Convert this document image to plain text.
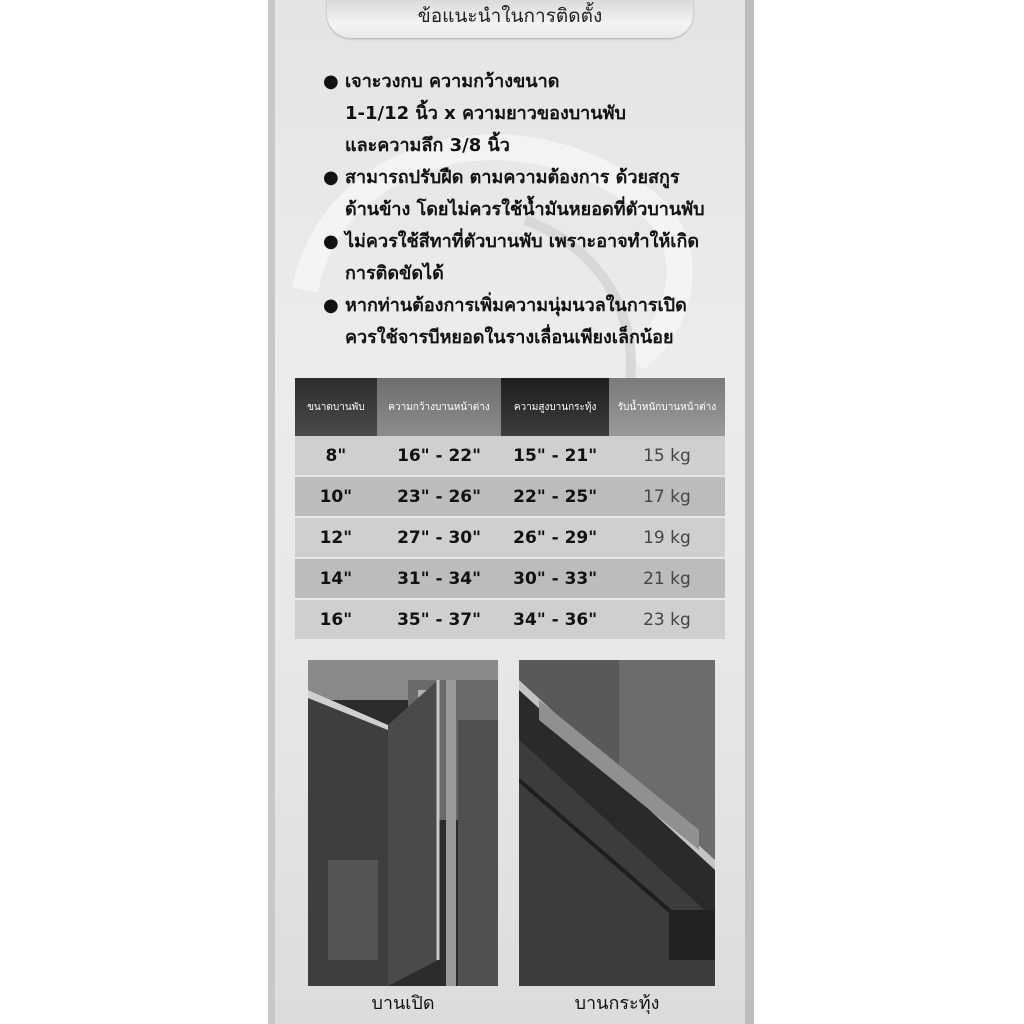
ข้อแนะนำในการติดตั้ง
● เจาะวงกบ ความกว้างขนาด
1-1/12 นิ้ว x ความยาวของบานพับ
และความลึก 3/8 นิ้ว
● สามารถปรับฝืด ตามความต้องการ ด้วยสกูร
ด้านข้าง โดยไม่ควรใช้น้ำมันหยอดที่ตัวบานพับ
● ไม่ควรใช้สีทาที่ตัวบานพับ เพราะอาจทำให้เกิด
การติดขัดได้
● หากท่านต้องการเพิ่มความนุ่มนวลในการเปิด
ควรใช้จารบีหยอดในรางเลื่อนเพียงเล็กน้อย
ขนาดบานพับ	ความกว้างบานหน้าต่าง	ความสูงบานกระทุ้ง	รับน้ำหนักบานหน้าต่าง
8"	16" - 22"	15" - 21"	15 kg
10"	23" - 26"	22" - 25"	17 kg
12"	27" - 30"	26" - 29"	19 kg
14"	31" - 34"	30" - 33"	21 kg
16"	35" - 37"	34" - 36"	23 kg
บานเปิด	บานกระทุ้ง
